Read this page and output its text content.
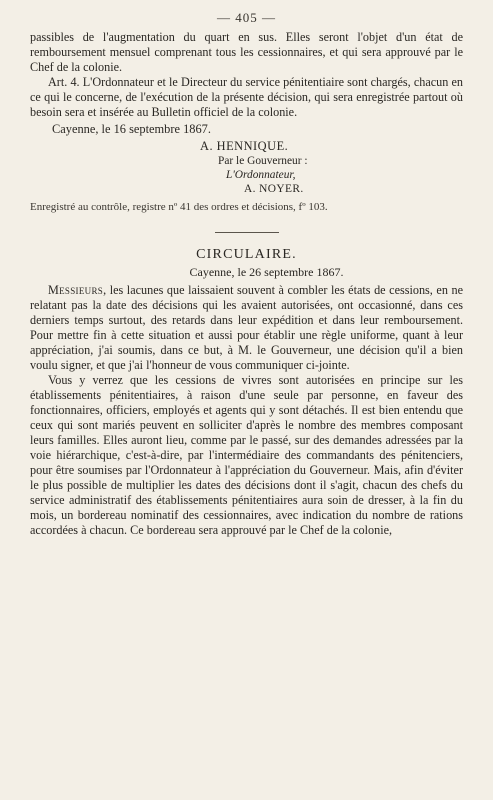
— 405 —

passibles de l'augmentation du quart en sus. Elles seront l'objet d'un état de remboursement mensuel comprenant tous les cessionnaires, et qui sera approuvé par le Chef de la colonie.

Art. 4. L'Ordonnateur et le Directeur du service pénitentiaire sont chargés, chacun en ce qui le concerne, de l'exécution de la présente décision, qui sera enregistrée partout où besoin sera et insérée au Bulletin officiel de la colonie.

Cayenne, le 16 septembre 1867.
A. HENNIQUE.
Par le Gouverneur :
L'Ordonnateur,
A. NOYER.

Enregistré au contrôle, registre nº 41 des ordres et décisions, fº 103.

CIRCULAIRE.
Cayenne, le 26 septembre 1867.

Messieurs, les lacunes que laissaient souvent à combler les états de cessions, en ne relatant pas la date des décisions qui les avaient autorisées, ont occasionné, dans ces derniers temps surtout, des retards dans leur expédition et dans leur remboursement. Pour mettre fin à cette situation et aussi pour établir une règle uniforme, quant à leur appréciation, j'ai soumis, dans ce but, à M. le Gouverneur, une décision qu'il a bien voulu signer, et que j'ai l'honneur de vous communiquer ci-jointe.

Vous y verrez que les cessions de vivres sont autorisées en principe sur les établissements pénitentiaires, à raison d'une seule par personne, en faveur des fonctionnaires, officiers, employés et agents qui y sont détachés. Il est bien entendu que ceux qui sont mariés peuvent en solliciter d'après le nombre des membres composant leurs familles. Elles auront lieu, comme par le passé, sur des demandes adressées par la voie hiérarchique, c'est-à-dire, par l'intermédiaire des commandants des pénitenciers, pour être soumises par l'Ordonnateur à l'appréciation du Gouverneur. Mais, afin d'éviter le plus possible de multiplier les dates des décisions dont il s'agit, chacun des chefs du service administratif des établissements pénitentiaires aura soin de dresser, à la fin du mois, un bordereau nominatif des cessionnaires, avec indication du nombre de rations accordées à chacun. Ce bordereau sera approuvé par le Chef de la colonie,
